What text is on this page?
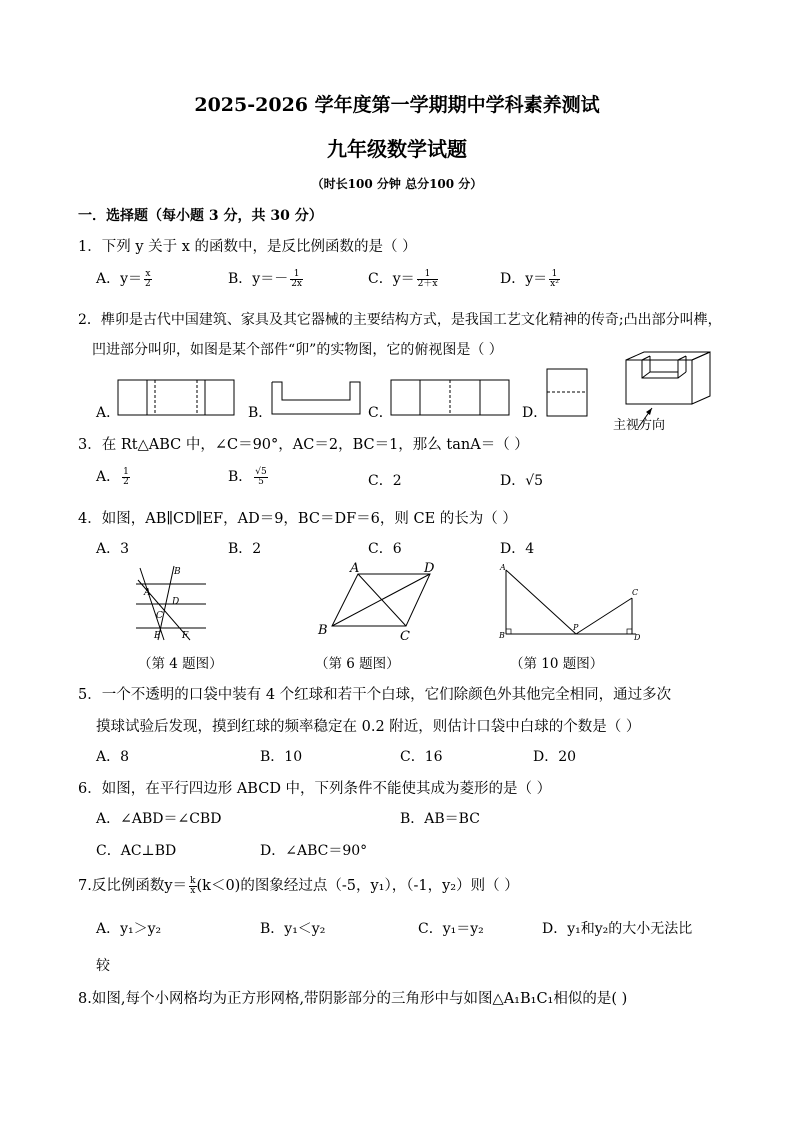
2025-2026 学年度第一学期期中学科素养测试
九年级数学试题
（时长100 分钟 总分100 分）
一．选择题（每小题 3 分，共 30 分）
1．下列 y 关于 x 的函数中，是反比例函数的是（ ）
A．$y= \frac{x}{2}$	B．$y=- \frac{1}{2x}$	C．$y= \frac{1}{2+x}$	D．$y= \frac{1}{\text{x²}}$
2．榫卯是古代中国建筑、家具及其它器械的主要结构方式，是我国工艺文化精神的传奇;凸出部分叫榫，
凹进部分叫卯，如图是某个部件“卯”的实物图，它的俯视图是（ ）
A．	B．	C．	D．
主视方向
3．在 Rt△ABC 中，∠C＝90°，AC＝2，BC＝1，那么 tanA＝（ ）
A． $\frac{1}{2}$	B． $\frac{√5}{5}$	C．2	D．√5
4．如图，AB∥CD∥EF，AD＝9，BC＝DF＝6，则 CE 的长为（ ）
A．3	B．2	C．6	D．4
B
A
D
C
E F
（第 4 题图）
A	D
B	C
（第 6 题图）
A
B
P
C
D
（第 10 题图）
5．一个不透明的口袋中装有 4 个红球和若干个白球，它们除颜色外其他完全相同，通过多次
摸球试验后发现，摸到红球的频率稳定在 0.2 附近，则估计口袋中白球的个数是（ ）
A．8	B．10	C．16	D．20
6．如图，在平行四边形 ABCD 中，下列条件不能使其成为菱形的是（ ）
A．∠ABD＝∠CBD	B．AB＝BC
C．AC⊥BD	D．∠ABC＝90°
7.反比例函数$y= \frac{k}{x} (k<0)$的图象经过点（-5，y₁），（-1，y₂）则（ ）
A．y₁＞y₂	B．y₁＜y₂	C．y₁＝y₂	D．y₁和y₂的大小无法比
较
8.如图,每个小网格均为正方形网格,带阴影部分的三角形中与如图△A₁B₁C₁相似的是( )
